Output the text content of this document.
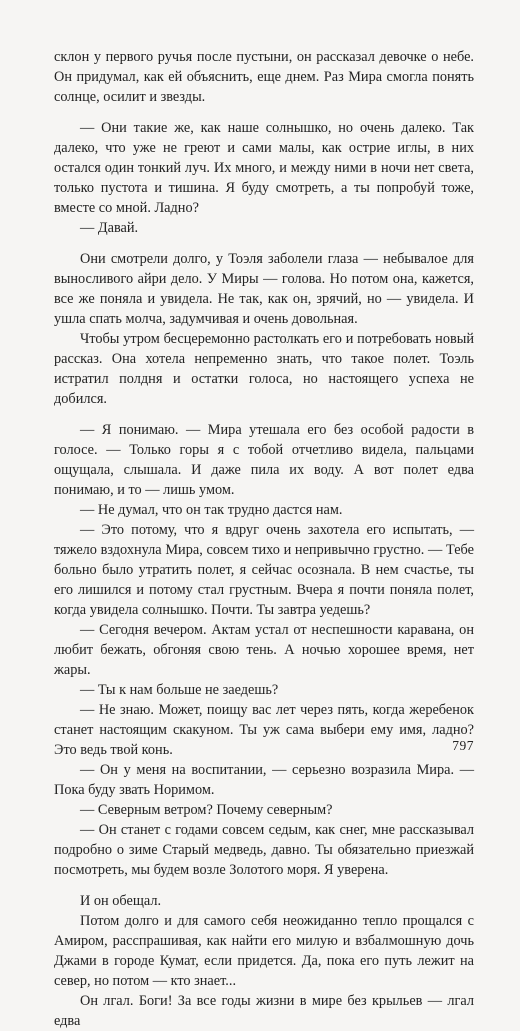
склон у первого ручья после пустыни, он рассказал девочке о небе. Он придумал, как ей объяснить, еще днем. Раз Мира смогла понять солнце, осилит и звезды.

— Они такие же, как наше солнышко, но очень далеко. Так далеко, что уже не греют и сами малы, как острие иглы, в них остался один тонкий луч. Их много, и между ними в ночи нет света, только пустота и тишина. Я буду смотреть, а ты попробуй тоже, вместе со мной. Ладно?

— Давай.

Они смотрели долго, у Тоэля заболели глаза — небывалое для выносливого айри дело. У Миры — голова. Но потом она, кажется, все же поняла и увидела. Не так, как он, зрячий, но — увидела. И ушла спать молча, задумчивая и очень довольная.

Чтобы утром бесцеремонно растолкать его и потребовать новый рассказ. Она хотела непременно знать, что такое полет. Тоэль истратил полдня и остатки голоса, но настоящего успеха не добился.

— Я понимаю. — Мира утешала его без особой радости в голосе. — Только горы я с тобой отчетливо видела, пальцами ощущала, слышала. И даже пила их воду. А вот полет едва понимаю, и то — лишь умом.

— Не думал, что он так трудно дастся нам.

— Это потому, что я вдруг очень захотела его испытать, — тяжело вздохнула Мира, совсем тихо и непривычно грустно. — Тебе больно было утратить полет, я сейчас осознала. В нем счастье, ты его лишился и потому стал грустным. Вчера я почти поняла полет, когда увидела солнышко. Почти. Ты завтра уедешь?

— Сегодня вечером. Актам устал от неспешности каравана, он любит бежать, обгоняя свою тень. А ночью хорошее время, нет жары.

— Ты к нам больше не заедешь?

— Не знаю. Может, поищу вас лет через пять, когда жеребенок станет настоящим скакуном. Ты уж сама выбери ему имя, ладно? Это ведь твой конь.

— Он у меня на воспитании, — серьезно возразила Мира. — Пока буду звать Норимом.

— Северным ветром? Почему северным?

— Он станет с годами совсем седым, как снег, мне рассказывал подробно о зиме Старый медведь, давно. Ты обязательно приезжай посмотреть, мы будем возле Золотого моря. Я уверена.

И он обещал.

Потом долго и для самого себя неожиданно тепло прощался с Амиром, расспрашивая, как найти его милую и взбалмошную дочь Джами в городе Кумат, если придется. Да, пока его путь лежит на север, но потом — кто знает...

Он лгал. Боги! За все годы жизни в мире без крыльев — лгал едва

797
